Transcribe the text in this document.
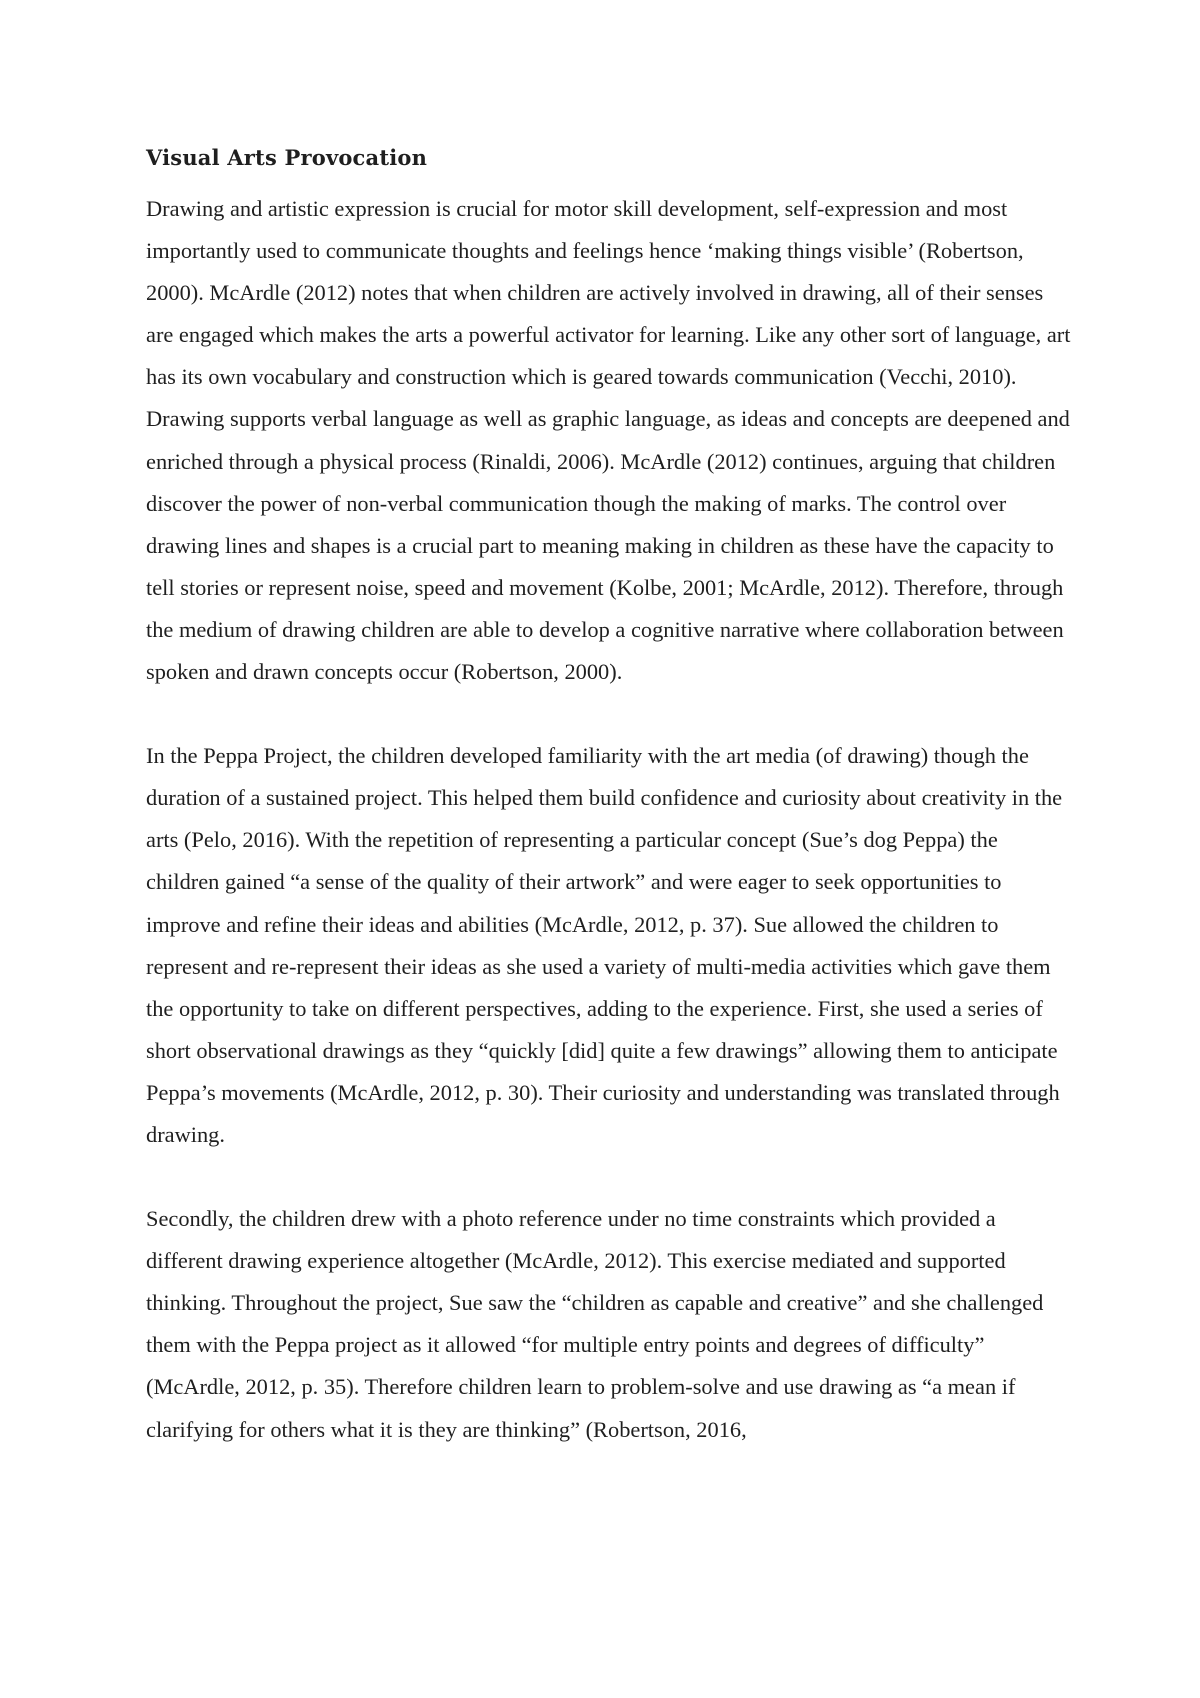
Visual Arts Provocation

Drawing and artistic expression is crucial for motor skill development, self-expression and most importantly used to communicate thoughts and feelings hence ‘making things visible’ (Robertson, 2000). McArdle (2012) notes that when children are actively involved in drawing, all of their senses are engaged which makes the arts a powerful activator for learning. Like any other sort of language, art has its own vocabulary and construction which is geared towards communication (Vecchi, 2010). Drawing supports verbal language as well as graphic language, as ideas and concepts are deepened and enriched through a physical process (Rinaldi, 2006). McArdle (2012) continues, arguing that children discover the power of non-verbal communication though the making of marks. The control over drawing lines and shapes is a crucial part to meaning making in children as these have the capacity to tell stories or represent noise, speed and movement (Kolbe, 2001; McArdle, 2012). Therefore, through the medium of drawing children are able to develop a cognitive narrative where collaboration between spoken and drawn concepts occur (Robertson, 2000).

In the Peppa Project, the children developed familiarity with the art media (of drawing) though the duration of a sustained project. This helped them build confidence and curiosity about creativity in the arts (Pelo, 2016). With the repetition of representing a particular concept (Sue’s dog Peppa) the children gained “a sense of the quality of their artwork” and were eager to seek opportunities to improve and refine their ideas and abilities (McArdle, 2012, p. 37). Sue allowed the children to represent and re-represent their ideas as she used a variety of multi-media activities which gave them the opportunity to take on different perspectives, adding to the experience. First, she used a series of short observational drawings as they “quickly [did] quite a few drawings” allowing them to anticipate Peppa’s movements (McArdle, 2012, p. 30). Their curiosity and understanding was translated through drawing.

Secondly, the children drew with a photo reference under no time constraints which provided a different drawing experience altogether (McArdle, 2012). This exercise mediated and supported thinking. Throughout the project, Sue saw the “children as capable and creative” and she challenged them with the Peppa project as it allowed “for multiple entry points and degrees of difficulty” (McArdle, 2012, p. 35). Therefore children learn to problem-solve and use drawing as “a mean if clarifying for others what it is they are thinking” (Robertson, 2016,
